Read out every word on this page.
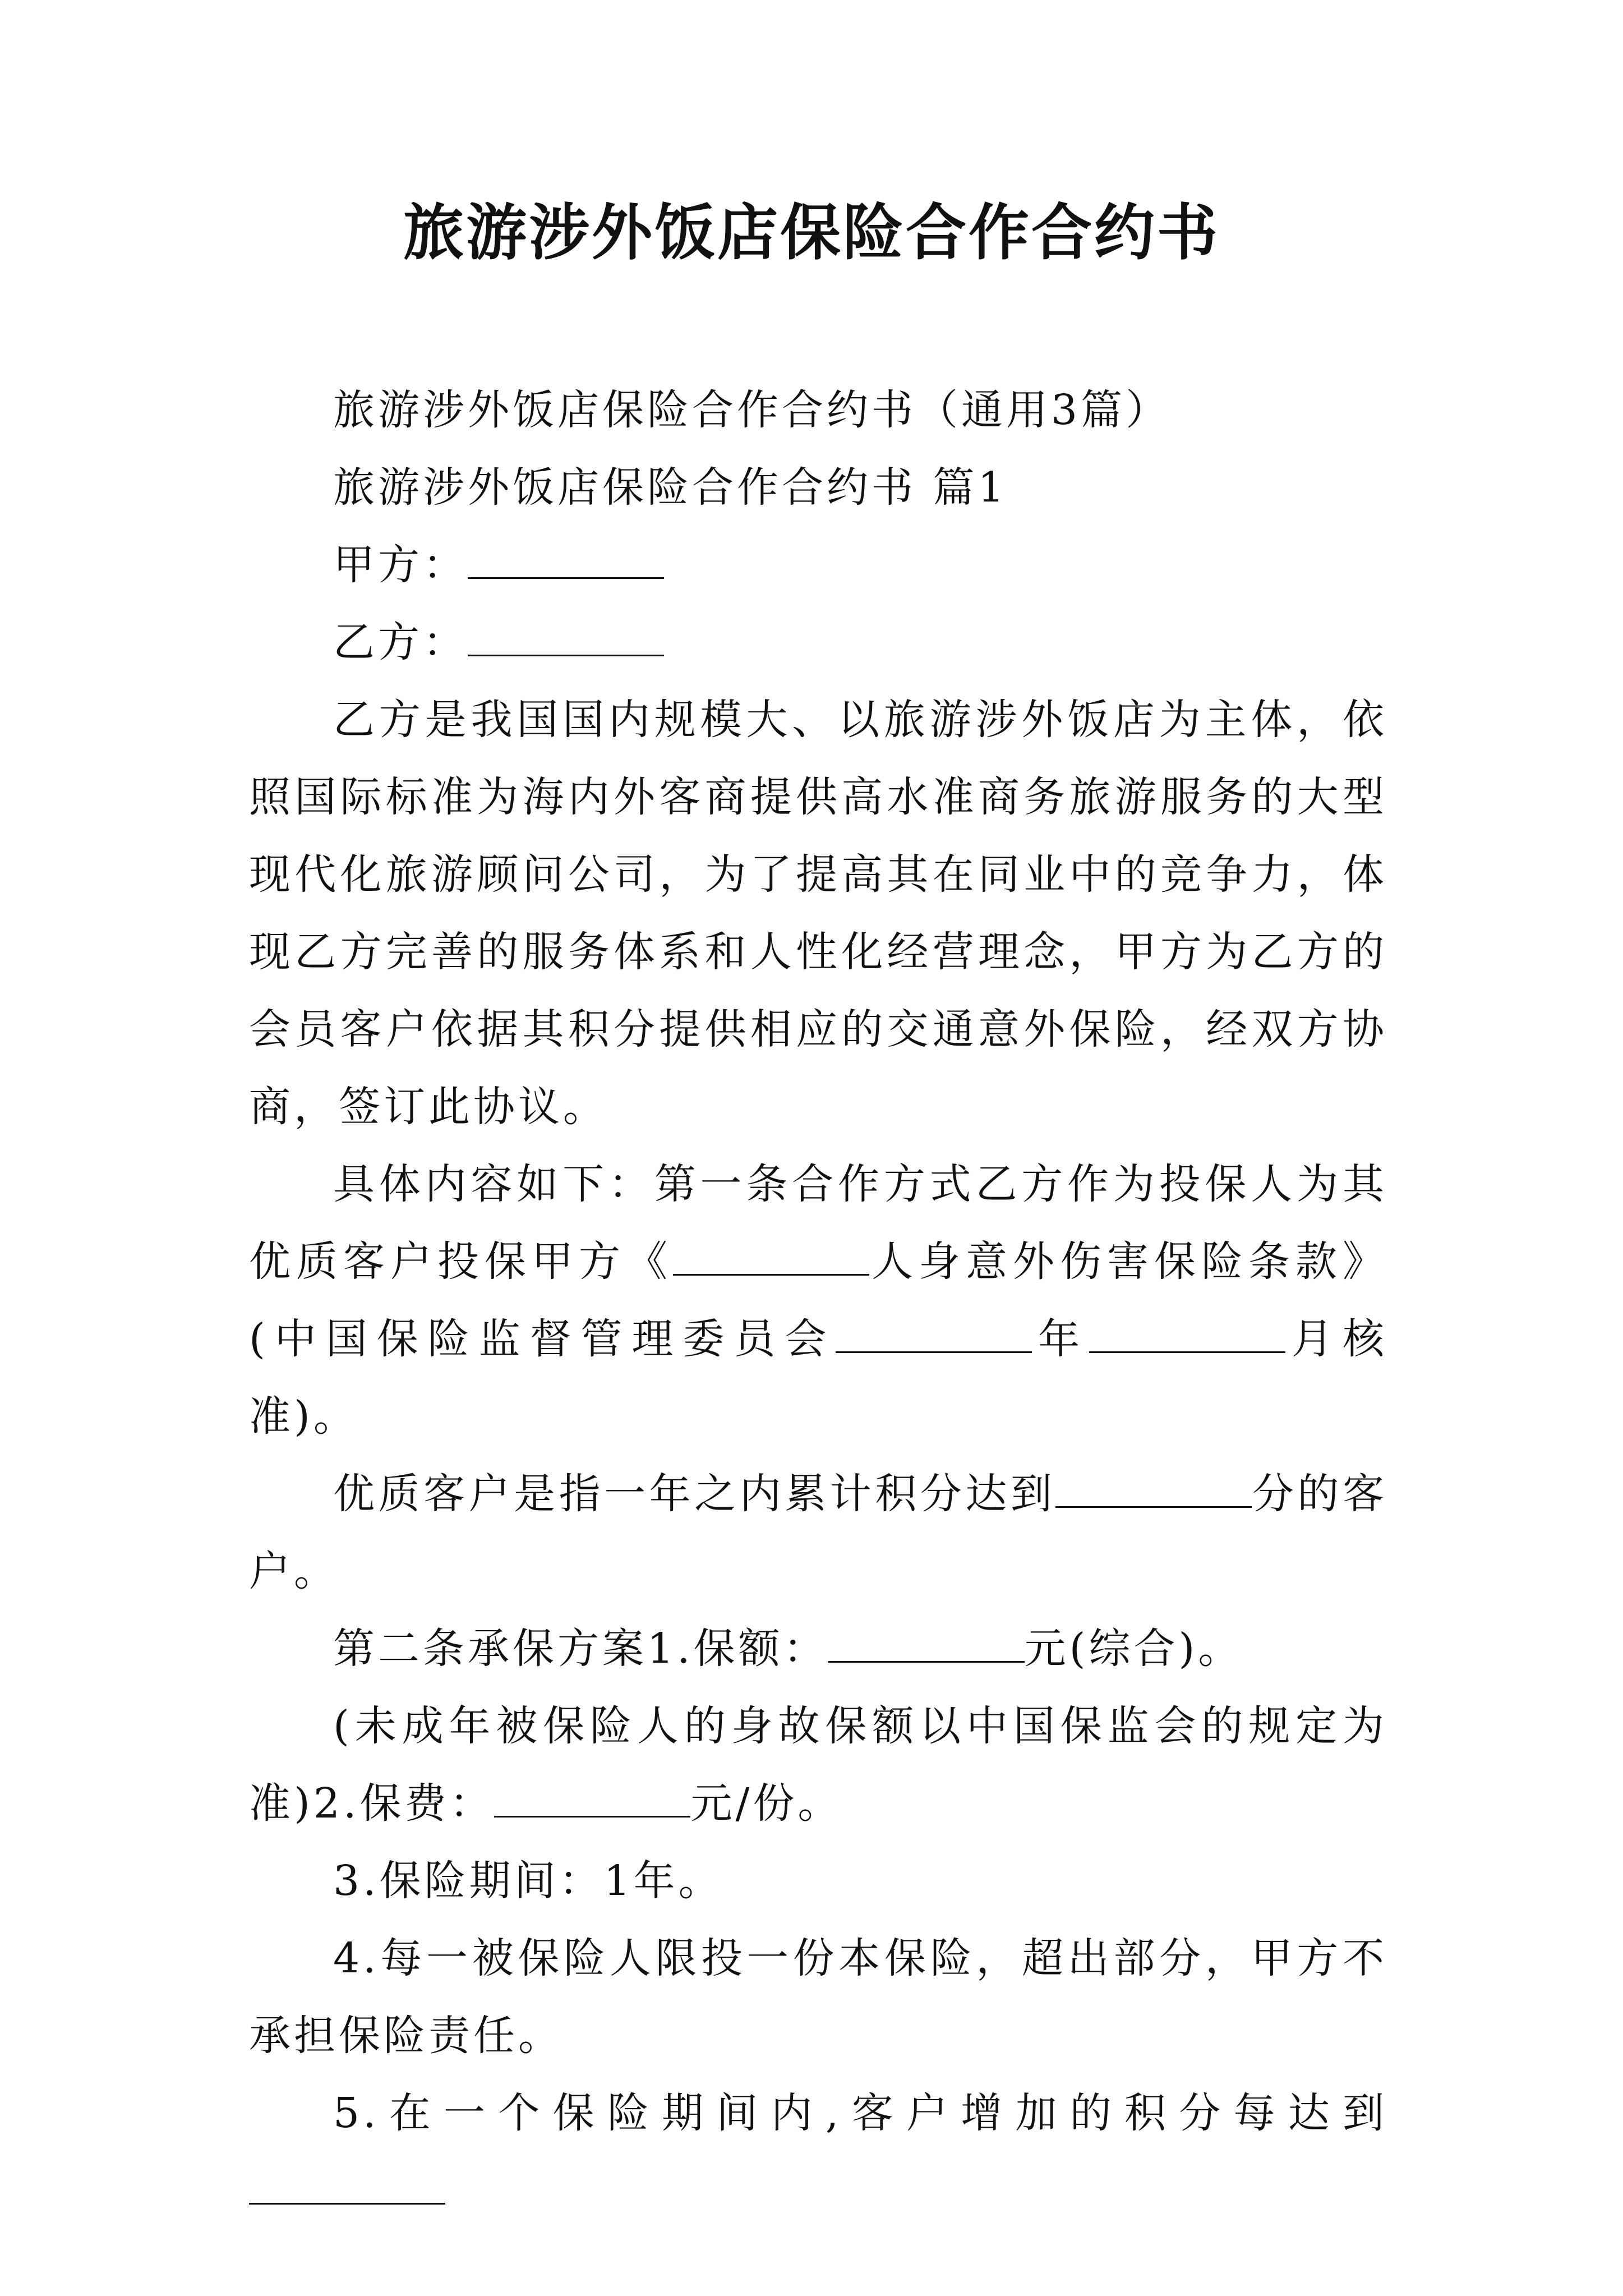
旅游涉外饭店保险合作合约书

旅游涉外饭店保险合作合约书（通用3篇）

旅游涉外饭店保险合作合约书 篇1

甲方：

乙方：

乙方是我国国内规模大、以旅游涉外饭店为主体，依照国际标准为海内外客商提供高水准商务旅游服务的大型现代化旅游顾问公司，为了提高其在同业中的竞争力，体现乙方完善的服务体系和人性化经营理念，甲方为乙方的会员客户依据其积分提供相应的交通意外保险，经双方协商，签订此协议。

具体内容如下：第一条合作方式乙方作为投保人为其优质客户投保甲方《	人身意外伤害保险条款》(中国保险监督管理委员会	年	月核准)。

优质客户是指一年之内累计积分达到	分的客户。

第二条承保方案1.保额：	元(综合)。

(未成年被保险人的身故保额以中国保监会的规定为准)2.保费：	元/份。

3.保险期间：1年。

4.每一被保险人限投一份本保险，超出部分，甲方不承担保险责任。

5.在一个保险期间内,客户增加的积分每达到
